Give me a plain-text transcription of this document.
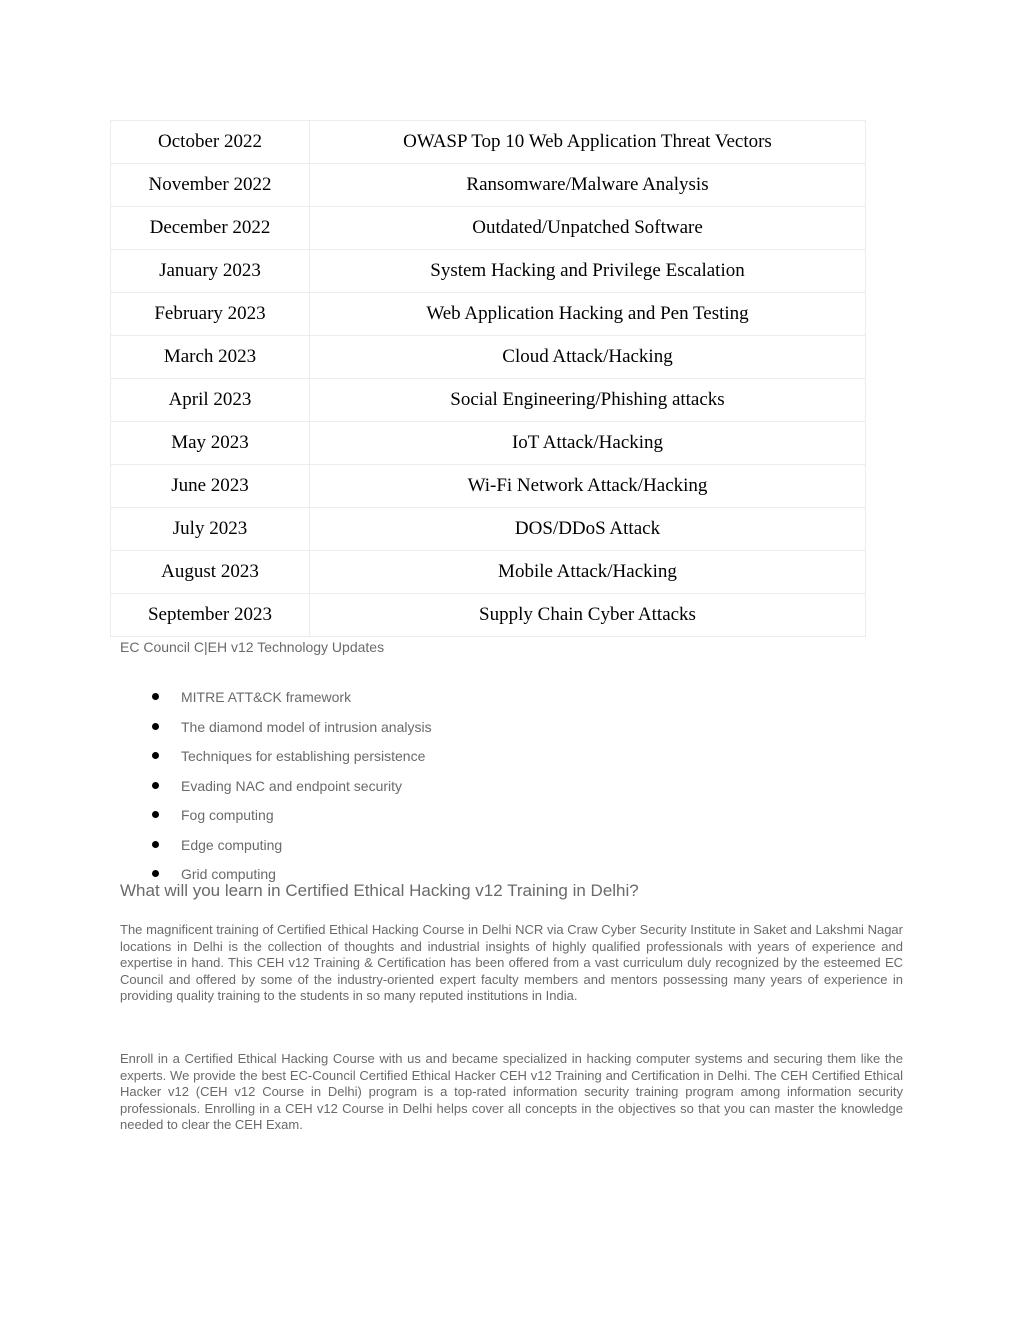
October 2022	OWASP Top 10 Web Application Threat Vectors
November 2022	Ransomware/Malware Analysis
December 2022	Outdated/Unpatched Software
January 2023	System Hacking and Privilege Escalation
February 2023	Web Application Hacking and Pen Testing
March 2023	Cloud Attack/Hacking
April 2023	Social Engineering/Phishing attacks
May 2023	IoT Attack/Hacking
June 2023	Wi-Fi Network Attack/Hacking
July 2023	DOS/DDoS Attack
August 2023	Mobile Attack/Hacking
September 2023	Supply Chain Cyber Attacks
EC Council C|EH v12 Technology Updates
MITRE ATT&CK framework
The diamond model of intrusion analysis
Techniques for establishing persistence
Evading NAC and endpoint security
Fog computing
Edge computing
Grid computing
What will you learn in Certified Ethical Hacking v12 Training in Delhi?

The magnificent training of Certified Ethical Hacking Course in Delhi NCR via Craw Cyber Security Institute in Saket and Lakshmi Nagar locations in Delhi is the collection of thoughts and industrial insights of highly qualified professionals with years of experience and expertise in hand. This CEH v12 Training & Certification has been offered from a vast curriculum duly recognized by the esteemed EC Council and offered by some of the industry-oriented expert faculty members and mentors possessing many years of experience in providing quality training to the students in so many reputed institutions in India.

Enroll in a Certified Ethical Hacking Course with us and became specialized in hacking computer systems and securing them like the experts. We provide the best EC-Council Certified Ethical Hacker CEH v12 Training and Certification in Delhi. The CEH Certified Ethical Hacker v12 (CEH v12 Course in Delhi) program is a top-rated information security training program among information security professionals. Enrolling in a CEH v12 Course in Delhi helps cover all concepts in the objectives so that you can master the knowledge needed to clear the CEH Exam.
